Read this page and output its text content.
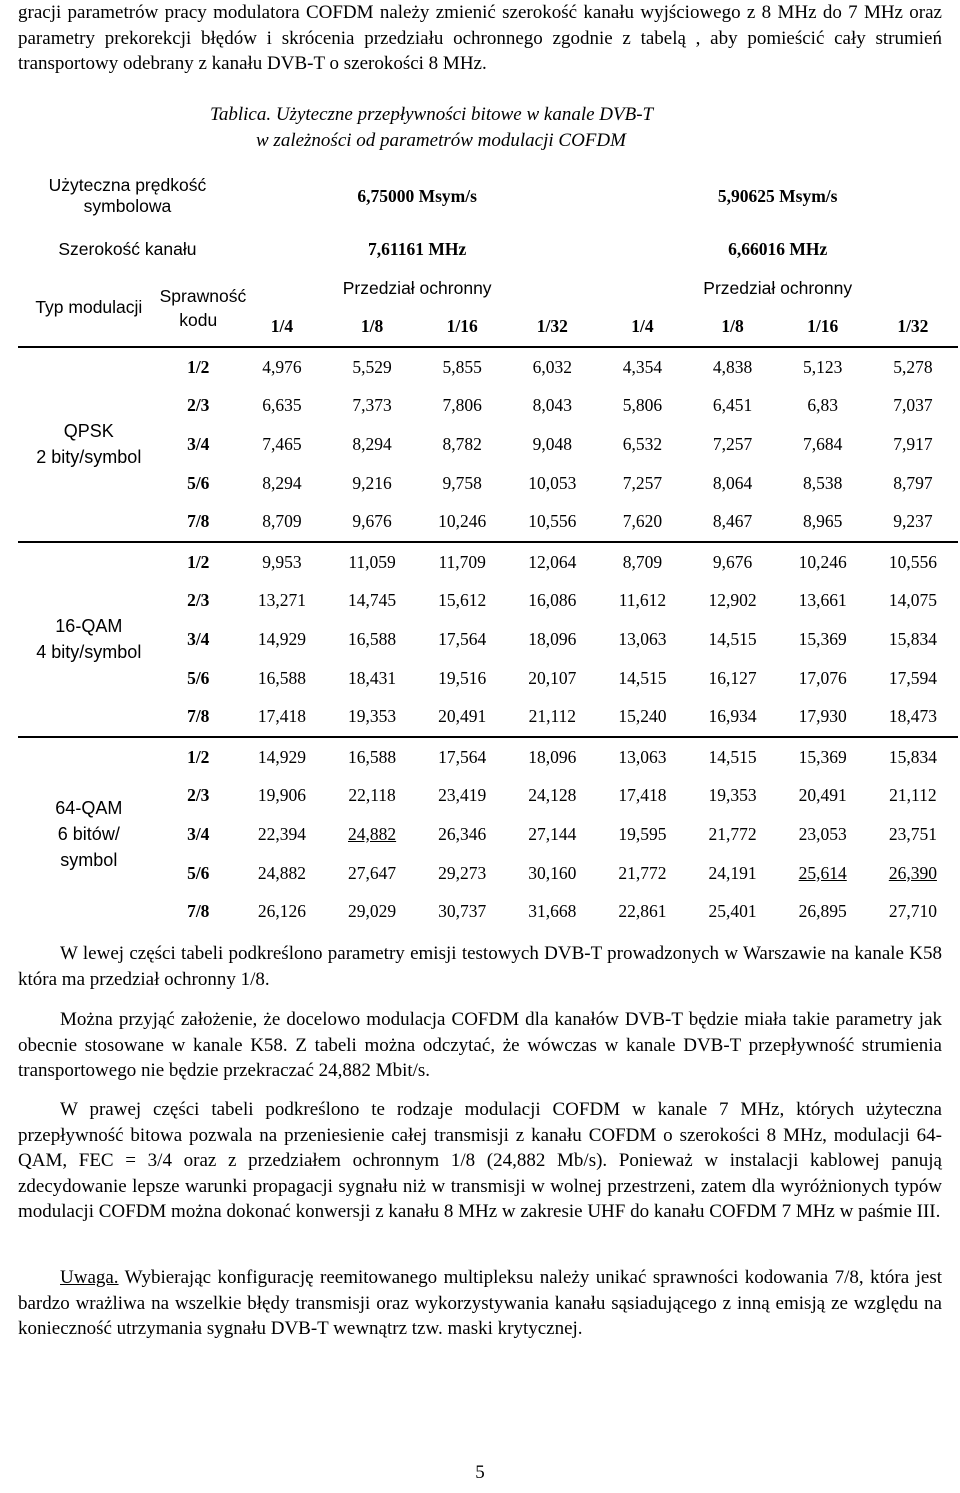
gracji parametrów pracy modulatora COFDM należy zmienić szerokość kanału wyjściowego z 8 MHz do 7 MHz oraz parametry prekorekcji błędów i skrócenia przedziału ochronnego zgodnie z tabelą , aby pomieścić cały strumień transportowy odebrany z kanału DVB-T o szerokości 8 MHz.

Tablica. Użyteczne przepływności bitowe w kanale DVB-T
w zależności od parametrów modulacji COFDM
Użyteczna prędkość symbolowa		6,75000 Msym/s				5,90625 Msym/s			
Szerokość kanału		7,61161 MHz				6,66016 MHz			
Typ modulacji	Sprawność kodu	Przedział ochronny				Przedział ochronny			
		1/4	1/8	1/16	1/32	1/4	1/8	1/16	1/32

QPSK
2 bity/symbol	1/2	4,976	5,529	5,855	6,032	4,354	4,838	5,123	5,278
	2/3	6,635	7,373	7,806	8,043	5,806	6,451	6,83	7,037
	3/4	7,465	8,294	8,782	9,048	6,532	7,257	7,684	7,917
	5/6	8,294	9,216	9,758	10,053	7,257	8,064	8,538	8,797
	7/8	8,709	9,676	10,246	10,556	7,620	8,467	8,965	9,237

16-QAM
4 bity/symbol	1/2	9,953	11,059	11,709	12,064	8,709	9,676	10,246	10,556
	2/3	13,271	14,745	15,612	16,086	11,612	12,902	13,661	14,075
	3/4	14,929	16,588	17,564	18,096	13,063	14,515	15,369	15,834
	5/6	16,588	18,431	19,516	20,107	14,515	16,127	17,076	17,594
	7/8	17,418	19,353	20,491	21,112	15,240	16,934	17,930	18,473

64-QAM
6 bitów/
symbol	1/2	14,929	16,588	17,564	18,096	13,063	14,515	15,369	15,834
	2/3	19,906	22,118	23,419	24,128	17,418	19,353	20,491	21,112
	3/4	22,394	24,882	26,346	27,144	19,595	21,772	23,053	23,751
	5/6	24,882	27,647	29,273	30,160	21,772	24,191	25,614	26,390
	7/8	26,126	29,029	30,737	31,668	22,861	25,401	26,895	27,710

W lewej części tabeli podkreślono parametry emisji testowych DVB-T prowadzonych w Warszawie na kanale K58 która ma przedział ochronny 1/8.

Można przyjąć założenie, że docelowo modulacja COFDM dla kanałów DVB-T będzie miała takie parametry jak obecnie stosowane w kanale K58. Z tabeli można odczytać, że wówczas w kanale DVB-T przepływność strumienia transportowego nie będzie przekraczać 24,882 Mbit/s.

W prawej części tabeli podkreślono te rodzaje modulacji COFDM w kanale 7 MHz, których użyteczna przepływność bitowa pozwala na przeniesienie całej transmisji z kanału COFDM o szerokości 8 MHz, modulacji 64-QAM, FEC = 3/4 oraz z przedziałem ochronnym 1/8 (24,882 Mb/s). Ponieważ w instalacji kablowej panują zdecydowanie lepsze warunki propagacji sygnału niż w transmisji w wolnej przestrzeni, zatem dla wyróżnionych typów modulacji COFDM można dokonać konwersji z kanału 8 MHz w zakresie UHF do kanału COFDM 7 MHz w paśmie III.

Uwaga. Wybierając konfigurację reemitowanego multipleksu należy unikać sprawności kodowania 7/8, która jest bardzo wrażliwa na wszelkie błędy transmisji oraz wykorzystywania kanału sąsiadującego z inną emisją ze względu na konieczność utrzymania sygnału DVB-T wewnątrz tzw. maski krytycznej.

5
